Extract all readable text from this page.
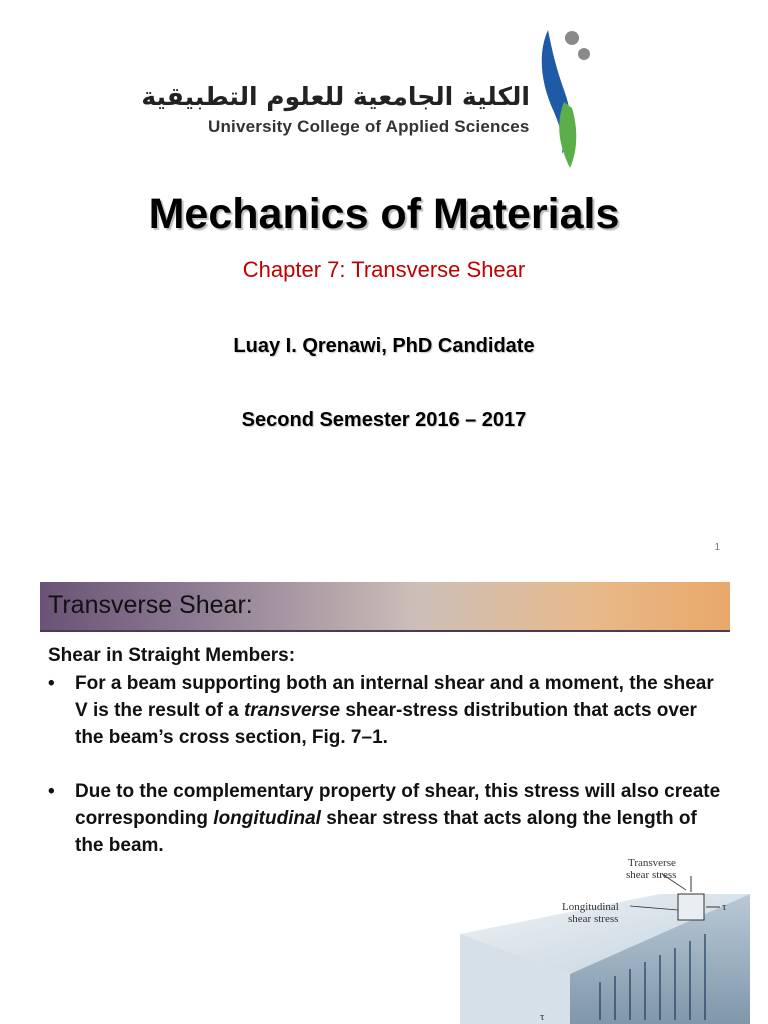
الكلية الجامعية للعلوم التطبيقية
University College of Applied Sciences
Mechanics of Materials
Chapter 7: Transverse Shear
Luay I. Qrenawi, PhD Candidate
Second Semester 2016 – 2017
1
Transverse Shear:
Shear in Straight Members:
• For a beam supporting both an internal shear and a moment, the shear V is the result of a transverse shear-stress distribution that acts over the beam’s cross section, Fig. 7–1.
• Due to the complementary property of shear, this stress will also create corresponding longitudinal shear stress that acts along the length of the beam.
Transverse
shear stress
Longitudinal
shear stress
τ
τ
